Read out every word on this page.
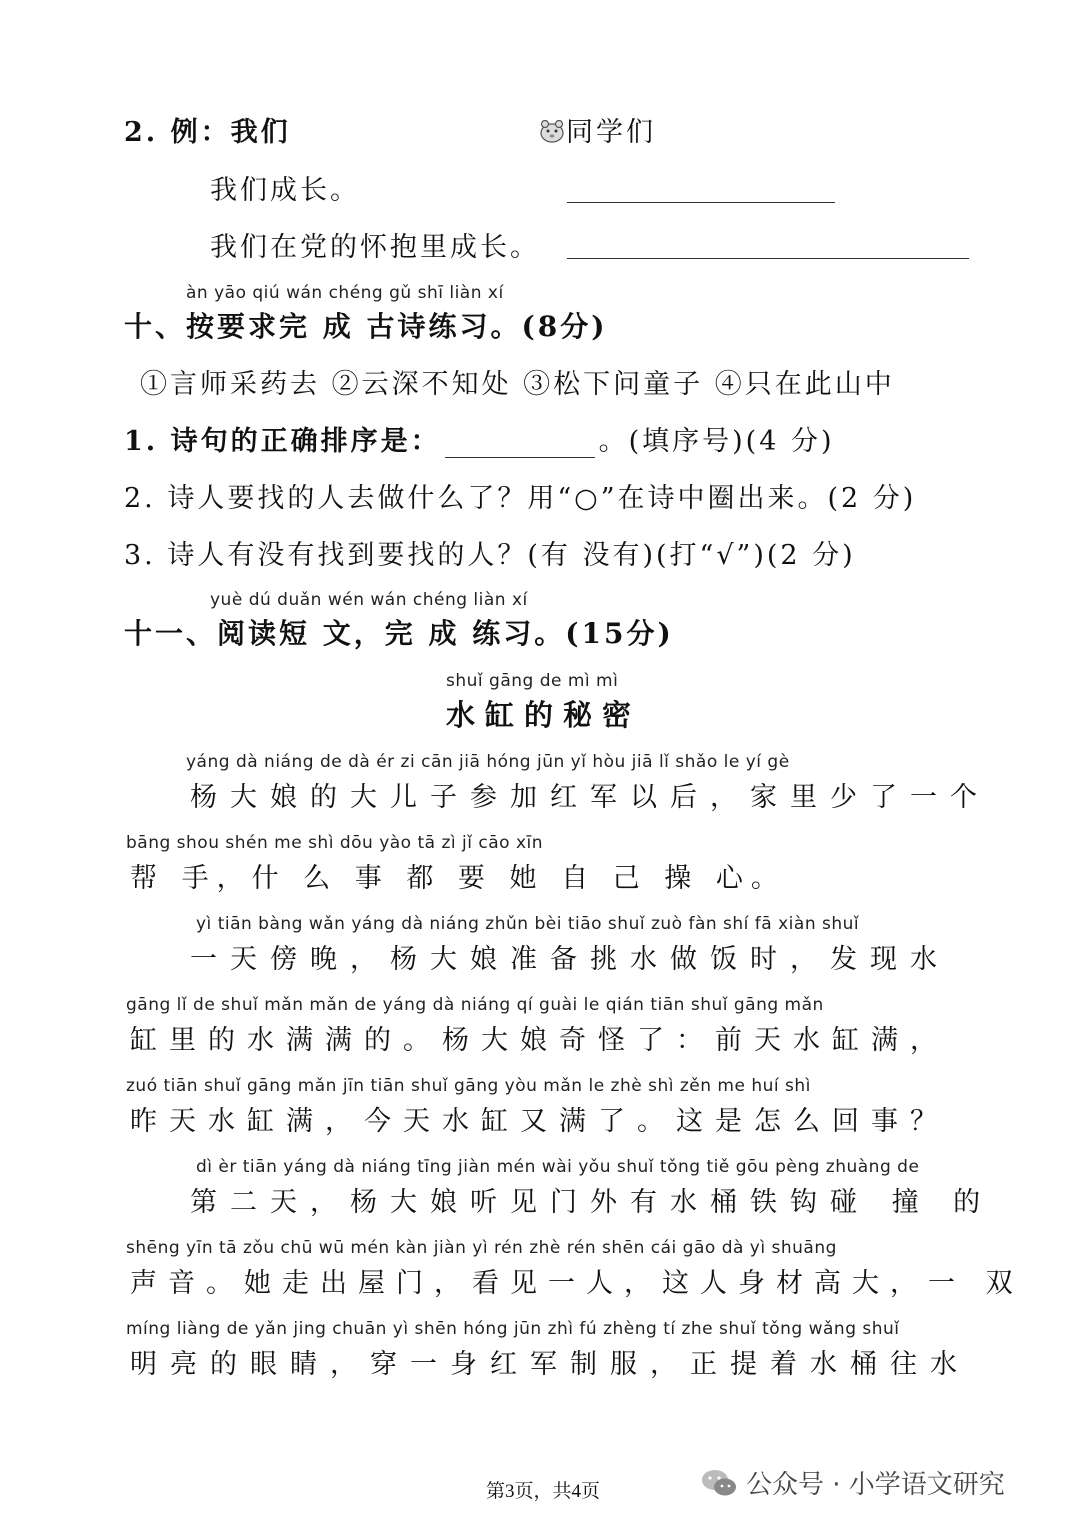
2. 例：我们	同学们
我们成长。
我们在党的怀抱里成长。
àn yāo qiú wán chéng gǔ shī liàn xí
十、按要求完 成 古诗练习。(8分)
①言师采药去 ②云深不知处 ③松下问童子 ④只在此山中
1. 诗句的正确排序是：	。(填序号)(4 分)
2. 诗人要找的人去做什么了？用“○”在诗中圈出来。(2 分)
3. 诗人有没有找到要找的人？(有 没有)(打“√”)(2 分)
yuè dú duǎn wén wán chéng liàn xí
十一、阅读短 文，完 成 练习。(15分)
shuǐ gāng de mì mì
水缸的秘密
yáng dà niáng de dà ér zi cān jiā hóng jūn yǐ hòu jiā lǐ shǎo le yí gè
杨大娘的大儿子参加红军以后，家里少了一个
bāng shou shén me shì dōu yào tā zì jǐ cāo xīn
帮 手，什 么 事 都 要 她 自 己 操 心。
yì tiān bàng wǎn yáng dà niáng zhǔn bèi tiāo shuǐ zuò fàn shí fā xiàn shuǐ
一天傍晚，杨大娘准备挑水做饭时，发现水
gāng lǐ de shuǐ mǎn mǎn de yáng dà niáng qí guài le qián tiān shuǐ gāng mǎn
缸里的水满满的。杨大娘奇怪了：前天水缸满，
zuó tiān shuǐ gāng mǎn jīn tiān shuǐ gāng yòu mǎn le zhè shì zěn me huí shì
昨天水缸满，今天水缸又满了。这是怎么回事？
dì èr tiān yáng dà niáng tīng jiàn mén wài yǒu shuǐ tǒng tiě gōu pèng zhuàng de
第二天，杨大娘听见门外有水桶铁钩碰 撞 的
shēng yīn tā zǒu chū wū mén kàn jiàn yì rén zhè rén shēn cái gāo dà yì shuāng
声音。她走出屋门，看见一人，这人身材高大，一 双
míng liàng de yǎn jing chuān yì shēn hóng jūn zhì fú zhèng tí zhe shuǐ tǒng wǎng shuǐ
明亮的眼睛，穿一身红军制服，正提着水桶往水
第3页，共4页	公众号 · 小学语文研究
